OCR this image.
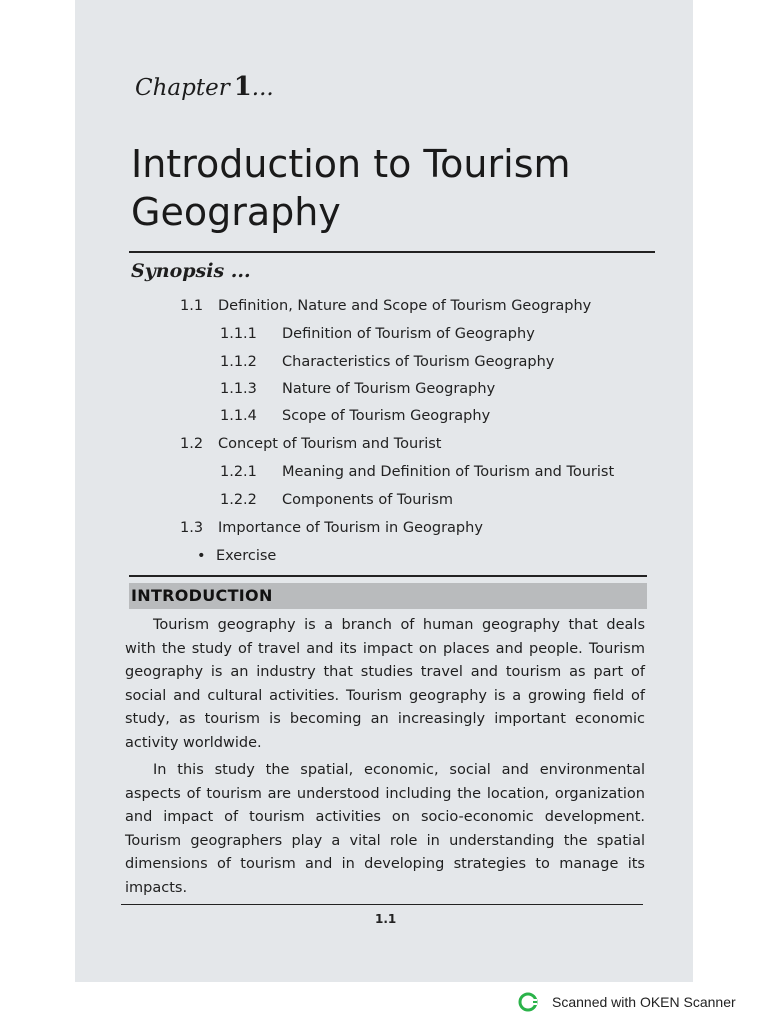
Chapter 1...
Introduction to Tourism
Geography
Synopsis ...
1.1 Definition, Nature and Scope of Tourism Geography
1.1.1 Definition of Tourism of Geography
1.1.2 Characteristics of Tourism Geography
1.1.3 Nature of Tourism Geography
1.1.4 Scope of Tourism Geography
1.2 Concept of Tourism and Tourist
1.2.1 Meaning and Definition of Tourism and Tourist
1.2.2 Components of Tourism
1.3 Importance of Tourism in Geography
• Exercise
INTRODUCTION
Tourism geography is a branch of human geography that deals with the study of travel and its impact on places and people. Tourism geography is an industry that studies travel and tourism as part of social and cultural activities. Tourism geography is a growing field of study, as tourism is becoming an increasingly important economic activity worldwide.
In this study the spatial, economic, social and environmental aspects of tourism are understood including the location, organization and impact of tourism activities on socio-economic development. Tourism geographers play a vital role in understanding the spatial dimensions of tourism and in developing strategies to manage its impacts.
1.1
Scanned with OKEN Scanner
